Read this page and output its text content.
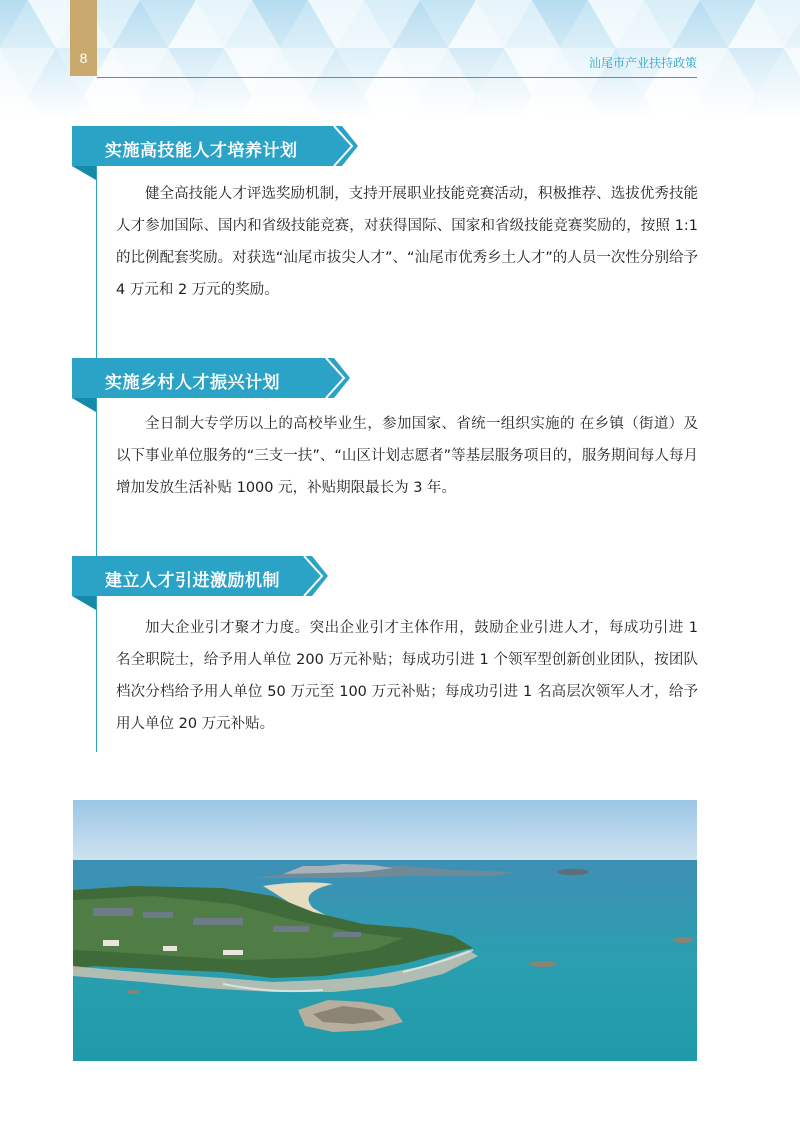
8	汕尾市产业扶持政策
实施高技能人才培养计划

健全高技能人才评选奖励机制，支持开展职业技能竞赛活动，积极推荐、选拔优秀技能人才参加国际、国内和省级技能竞赛，对获得国际、国家和省级技能竞赛奖励的，按照 1:1 的比例配套奖励。对获选“汕尾市拔尖人才”、“汕尾市优秀乡土人才”的人员一次性分别给予 4 万元和 2 万元的奖励。

实施乡村人才振兴计划

全日制大专学历以上的高校毕业生，参加国家、省统一组织实施的 在乡镇（街道）及以下事业单位服务的“三支一扶”、“山区计划志愿者”等基层服务项目的，服务期间每人每月增加发放生活补贴 1000 元，补贴期限最长为 3 年。

建立人才引进激励机制

加大企业引才聚才力度。突出企业引才主体作用，鼓励企业引进人才，每成功引进 1 名全职院士，给予用人单位 200 万元补贴；每成功引进 1 个领军型创新创业团队，按团队档次分档给予用人单位 50 万元至 100 万元补贴；每成功引进 1 名高层次领军人才，给予用人单位 20 万元补贴。
